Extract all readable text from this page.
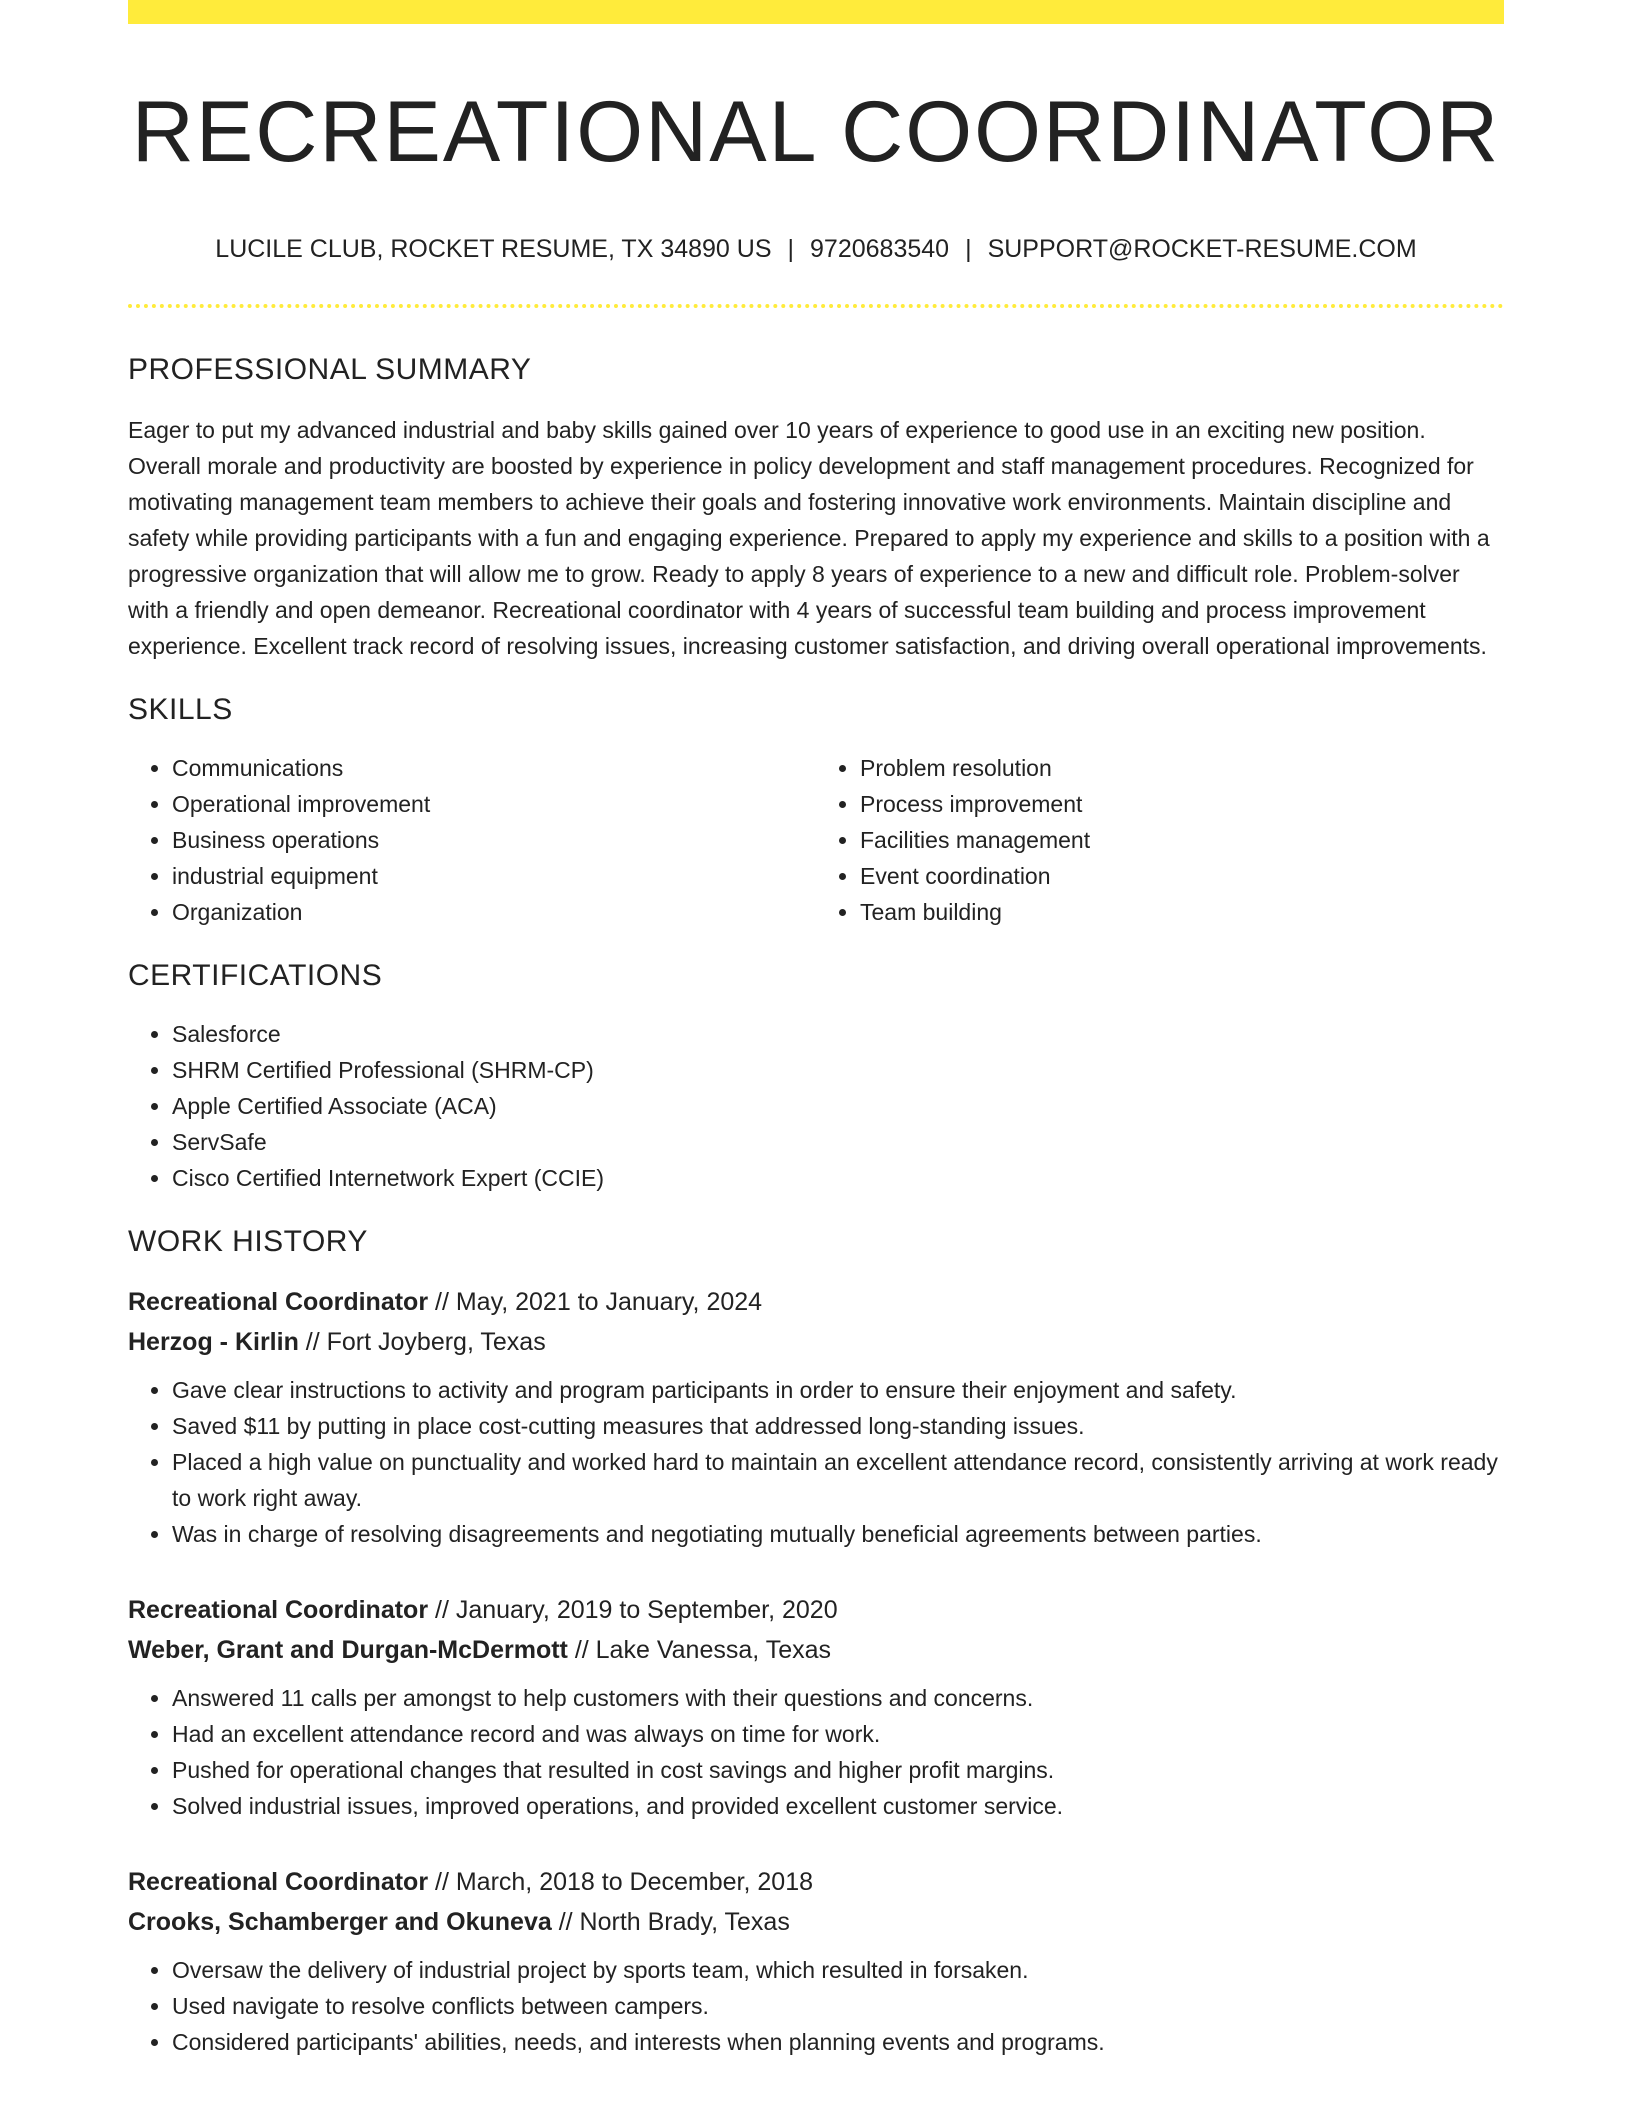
RECREATIONAL COORDINATOR
LUCILE CLUB, ROCKET RESUME, TX 34890 US | 9720683540 | SUPPORT@ROCKET-RESUME.COM
PROFESSIONAL SUMMARY
Eager to put my advanced industrial and baby skills gained over 10 years of experience to good use in an exciting new position. Overall morale and productivity are boosted by experience in policy development and staff management procedures. Recognized for motivating management team members to achieve their goals and fostering innovative work environments. Maintain discipline and safety while providing participants with a fun and engaging experience. Prepared to apply my experience and skills to a position with a progressive organization that will allow me to grow. Ready to apply 8 years of experience to a new and difficult role. Problem-solver with a friendly and open demeanor. Recreational coordinator with 4 years of successful team building and process improvement experience. Excellent track record of resolving issues, increasing customer satisfaction, and driving overall operational improvements.
SKILLS
• Communications
• Operational improvement
• Business operations
• industrial equipment
• Organization
• Problem resolution
• Process improvement
• Facilities management
• Event coordination
• Team building
CERTIFICATIONS
• Salesforce
• SHRM Certified Professional (SHRM-CP)
• Apple Certified Associate (ACA)
• ServSafe
• Cisco Certified Internetwork Expert (CCIE)
WORK HISTORY
Recreational Coordinator // May, 2021 to January, 2024
Herzog - Kirlin // Fort Joyberg, Texas
• Gave clear instructions to activity and program participants in order to ensure their enjoyment and safety.
• Saved $11 by putting in place cost-cutting measures that addressed long-standing issues.
• Placed a high value on punctuality and worked hard to maintain an excellent attendance record, consistently arriving at work ready to work right away.
• Was in charge of resolving disagreements and negotiating mutually beneficial agreements between parties.
Recreational Coordinator // January, 2019 to September, 2020
Weber, Grant and Durgan-McDermott // Lake Vanessa, Texas
• Answered 11 calls per amongst to help customers with their questions and concerns.
• Had an excellent attendance record and was always on time for work.
• Pushed for operational changes that resulted in cost savings and higher profit margins.
• Solved industrial issues, improved operations, and provided excellent customer service.
Recreational Coordinator // March, 2018 to December, 2018
Crooks, Schamberger and Okuneva // North Brady, Texas
• Oversaw the delivery of industrial project by sports team, which resulted in forsaken.
• Used navigate to resolve conflicts between campers.
• Considered participants' abilities, needs, and interests when planning events and programs.
